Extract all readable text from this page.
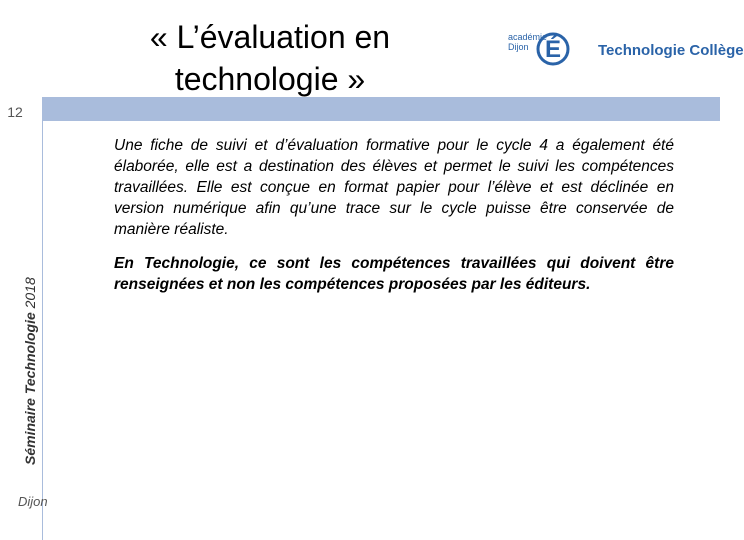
« L’évaluation en
technologie »
académie
Dijon É Technologie Collège
12
Séminaire Technologie 2018
Dijon

Une fiche de suivi et d’évaluation formative pour le cycle 4 a également été élaborée, elle est a destination des élèves et permet le suivi les compétences travaillées. Elle est conçue en format papier pour l’élève et est déclinée en version numérique afin qu’une trace sur le cycle puisse être conservée de manière réaliste.

En Technologie, ce sont les compétences travaillées qui doivent être renseignées et non les compétences proposées par les éditeurs.
